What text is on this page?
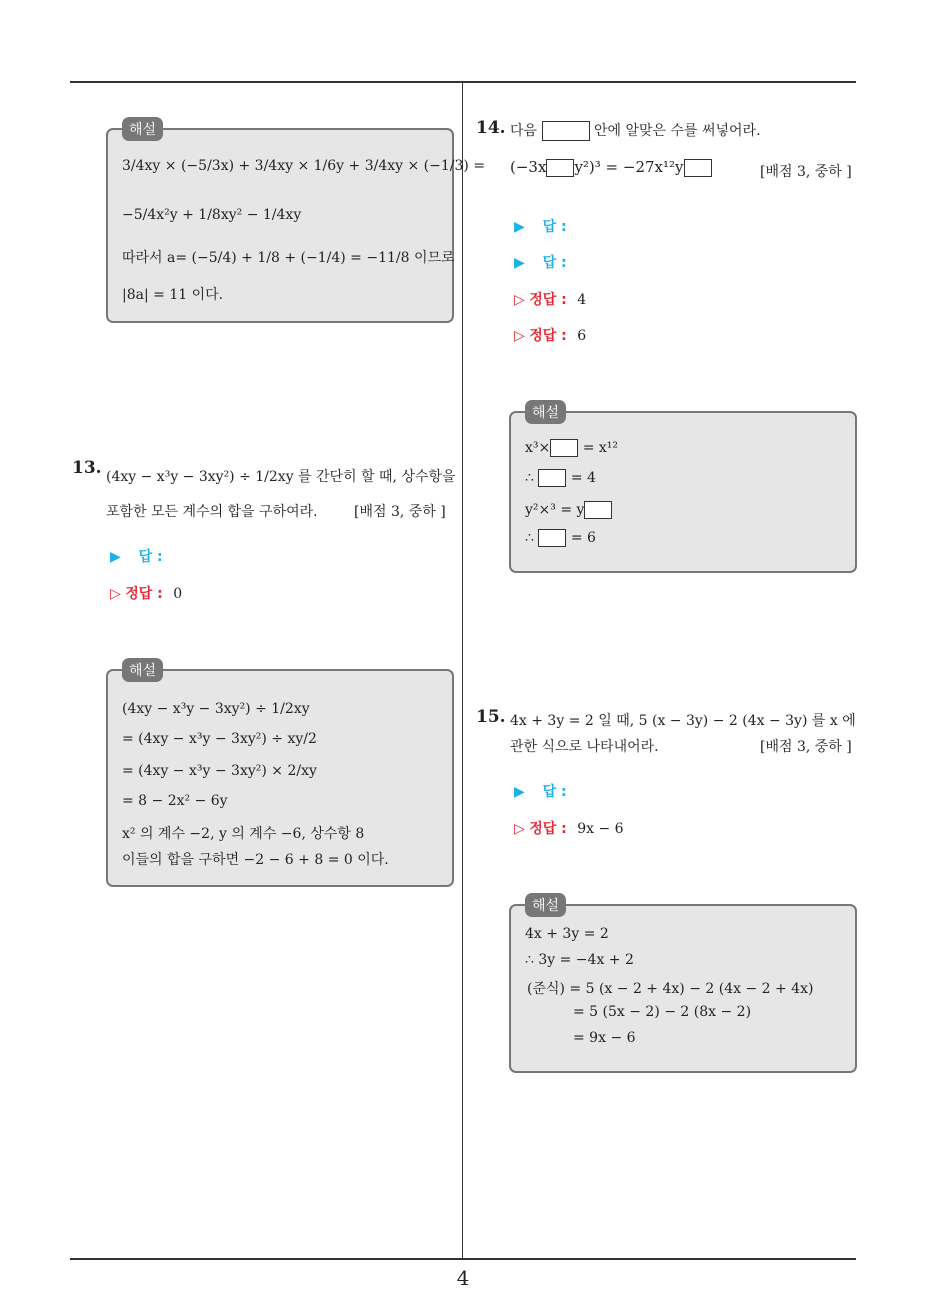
해설
3/4xy × (−5/3x) + 3/4xy × 1/6y + 3/4xy × (−1/3) =
−5/4x²y + 1/8xy² − 1/4xy
따라서 a= (−5/4) + 1/8 + (−1/4) = −11/8 이므로
|8a| = 11 이다.
13. (4xy − x³y − 3xy²) ÷ 1/2xy 를 간단히 할 때, 상수항을
포함한 모든 계수의 합을 구하여라.	[배점 3, 중하 ]
▶ 답 :
▷ 정답 : 0
해설
(4xy − x³y − 3xy²) ÷ 1/2xy
= (4xy − x³y − 3xy²) ÷ xy/2
= (4xy − x³y − 3xy²) × 2/xy
= 8 − 2x² − 6y
x² 의 계수 −2, y 의 계수 −6, 상수항 8
이들의 합을 구하면 −2 − 6 + 8 = 0 이다.
14. 다음	안에 알맞은 수를 써넣어라.
(−3x y²)³ = −27x¹²y	[배점 3, 중하 ]
▶ 답 :
▶ 답 :
▷ 정답 : 4
▷ 정답 : 6
해설
x³× = x¹²
∴	= 4
y²×³ = y
∴	= 6
15. 4x + 3y = 2 일 때, 5 (x − 3y) − 2 (4x − 3y) 를 x 에
관한 식으로 나타내어라.	[배점 3, 중하 ]
▶ 답 :
▷ 정답 : 9x − 6
해설
4x + 3y = 2
∴ 3y = −4x + 2
(준식) = 5 (x − 2 + 4x) − 2 (4x − 2 + 4x)
= 5 (5x − 2) − 2 (8x − 2)
= 9x − 6
4
